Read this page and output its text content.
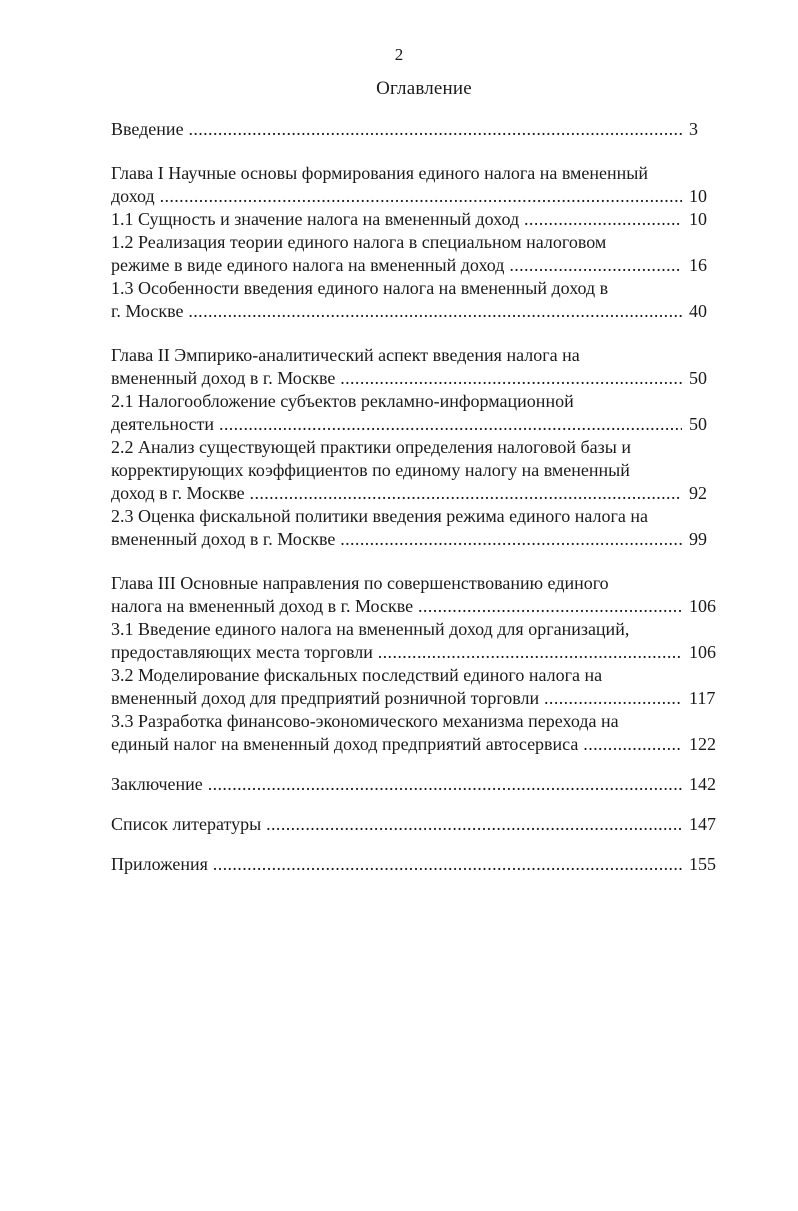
2
Оглавление
Введение .....	3
Глава I Научные основы формирования единого налога на вмененный
доход .....	10
1.1 Сущность и значение налога на вмененный доход .....	10
1.2 Реализация теории единого налога в специальном налоговом
режиме в виде единого налога на вмененный доход .....	16
1.3 Особенности введения единого налога на вмененный доход в
г. Москве .....	40
Глава II Эмпирико-аналитический аспект введения налога на
вмененный доход в г. Москве .....	50
2.1 Налогообложение субъектов рекламно-информационной
деятельности .....	50
2.2 Анализ существующей практики определения налоговой базы и
корректирующих коэффициентов по единому налогу на вмененный
доход в г. Москве .....	92
2.3 Оценка фискальной политики введения режима единого налога на
вмененный доход в г. Москве .....	99
Глава III Основные направления по совершенствованию единого
налога на вмененный доход в г. Москве .....	106
3.1 Введение единого налога на вмененный доход для организаций,
предоставляющих места торговли .....	106
3.2 Моделирование фискальных последствий единого налога на
вмененный доход для предприятий розничной торговли .....	117
3.3 Разработка финансово-экономического механизма перехода на
единый налог на вмененный доход предприятий автосервиса .....	122
Заключение .....	142
Список литературы .....	147
Приложения .....	155
